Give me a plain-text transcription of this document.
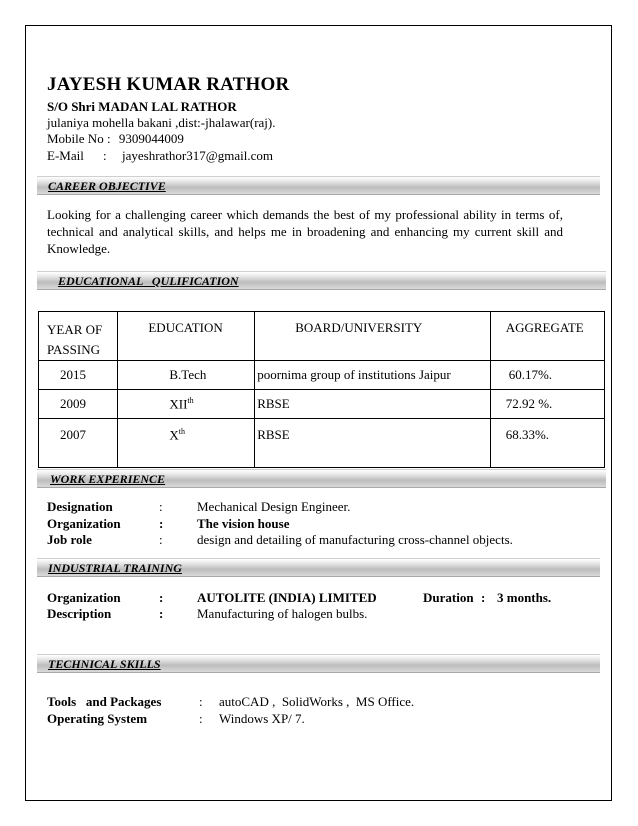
JAYESH KUMAR RATHOR
S/O Shri MADAN LAL RATHOR
julaniya mohella bakani ,dist:-jhalawar(raj).
Mobile No : 9309044009
E-Mail : jayeshrathor317@gmail.com
CAREER OBJECTIVE
Looking for a challenging career which demands the best of my professional ability in terms of, technical and analytical skills, and helps me in broadening and enhancing my current skill and Knowledge.
EDUCATIONAL   QULIFICATION
YEAR OF
PASSING	EDUCATION	BOARD/UNIVERSITY	AGGREGATE

2015	B.Tech	poornima group of institutions Jaipur	60.17%.

2009	XIIth	RBSE	72.92 %.

2007	Xth	RBSE	68.33%.
WORK EXPERIENCE
Designation	:	Mechanical Design Engineer.
Organization	:	The vision house
Job role	:	design and detailing of manufacturing cross-channel objects.
INDUSTRIAL TRAINING
Organization	:	AUTOLITE (INDIA) LIMITED	Duration : 3 months.
Description	:	Manufacturing of halogen bulbs.
TECHNICAL SKILLS
Tools   and Packages	: autoCAD ,  SolidWorks ,  MS Office.
Operating System	: Windows XP/ 7.
